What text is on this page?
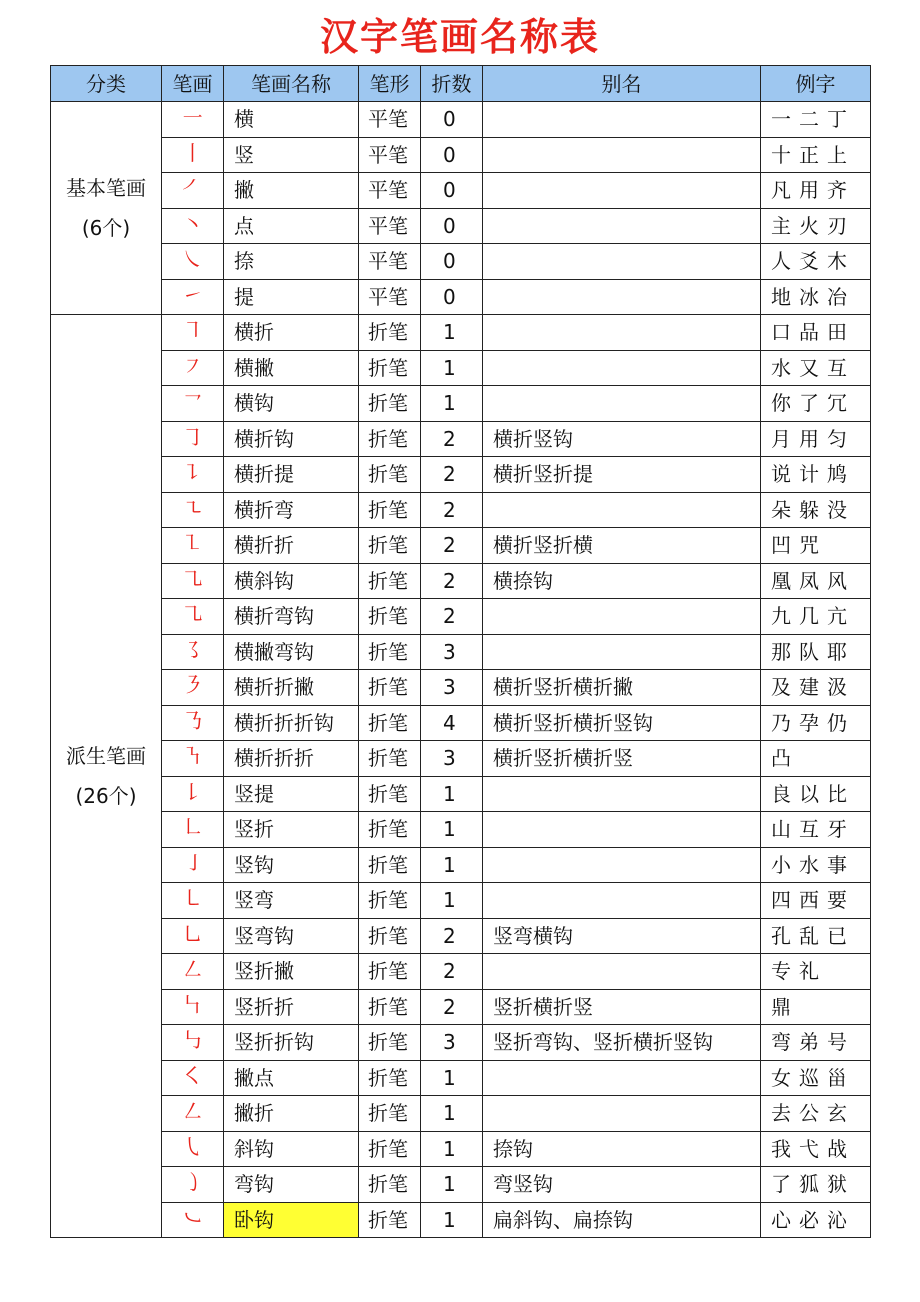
汉字笔画名称表
分类	笔画	笔画名称	笔形	折数	别名	例字

基本笔画
(6个)	㇐	横	平笔	0		一二丁
	㇑	竖	平笔	0		十正上
	㇒	撇	平笔	0		凡用齐
	㇔	点	平笔	0		主火刃
	㇏	捺	平笔	0		人爻木
	㇀	提	平笔	0		地冰冶

派生笔画
(26个)	㇕	横折	折笔	1		口品田
	㇇	横撇	折笔	1		水又互
	㇖	横钩	折笔	1		你了冗
	㇆	横折钩	折笔	2	横折竖钩	月用匀
	㇊	横折提	折笔	2	横折竖折提	说计鸠
	㇍	横折弯	折笔	2		朵躲没
	㇅	横折折	折笔	2	横折竖折横	凹咒
	㇈	横斜钩	折笔	2	横捺钩	凰凤风
	㇈	横折弯钩	折笔	2		九几亢
	㇌	横撇弯钩	折笔	3		那队耶
	㇋	横折折撇	折笔	3	横折竖折横折撇	及建汲
	㇡	横折折折钩	折笔	4	横折竖折横折竖钩	乃孕仍
	㇎	横折折折	折笔	3	横折竖折横折竖	凸
	㇙	竖提	折笔	1		良以比
	㇗	竖折	折笔	1		山互牙
	㇚	竖钩	折笔	1		小水事
	㇄	竖弯	折笔	1		四西要
	㇟	竖弯钩	折笔	2	竖弯横钩	孔乱已
	㇜	竖折撇	折笔	2		专礼
	㇞	竖折折	折笔	2	竖折横折竖	鼎
	㇉	竖折折钩	折笔	3	竖折弯钩、竖折横折竖钩	弯弟号
	㇛	撇点	折笔	1		女巡甾
	㇜	撇折	折笔	1		去公玄
	㇂	斜钩	折笔	1	捺钩	我弋战
	㇁	弯钩	折笔	1	弯竖钩	了狐狱
	㇃	卧钩	折笔	1	扁斜钩、扁捺钩	心必沁
